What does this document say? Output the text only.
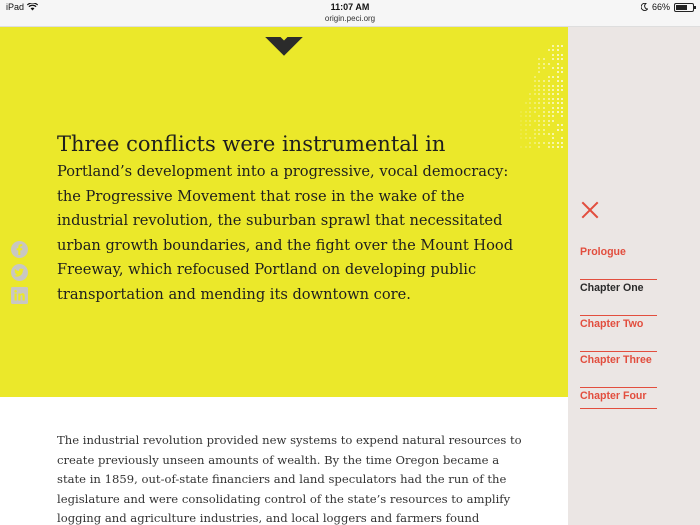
iPad	11:07 AM
origin.peci.org
66%
Three conflicts were instrumental in
Portland’s development into a progressive, vocal democracy: the Progressive Movement that rose in the wake of the industrial revolution, the suburban sprawl that necessitated urban growth boundaries, and the fight over the Mount Hood Freeway, which refocused Portland on developing public transportation and mending its downtown core.

The industrial revolution provided new systems to expend natural resources to create previously unseen amounts of wealth. By the time Oregon became a state in 1859, out-of-state financiers and land speculators had the run of the legislature and were consolidating control of the state’s resources to amplify logging and agriculture industries, and local loggers and farmers found

Prologue
Chapter One
Chapter Two
Chapter Three
Chapter Four
